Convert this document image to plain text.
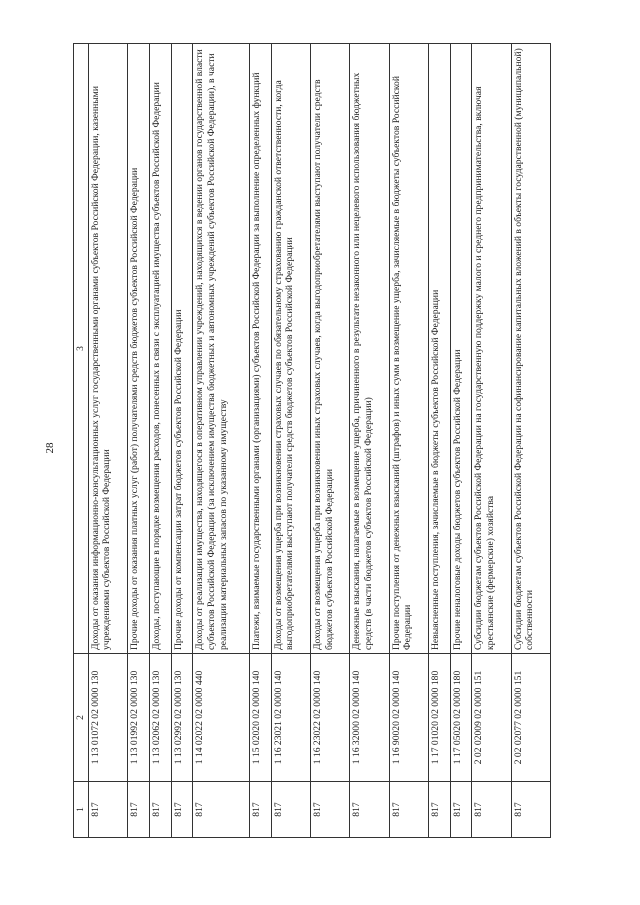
28
1	2	3
817	1 13 01072 02 0000 130	Доходы от оказания информационно-консультационных услуг государственными органами субъектов Российской Федерации, казенными учреждениями субъектов Российской Федерации
817	1 13 01992 02 0000 130	Прочие доходы от оказания платных услуг (работ) получателями средств бюджетов субъектов Российской Федерации
817	1 13 02062 02 0000 130	Доходы, поступающие в порядке возмещения расходов, понесенных в связи с эксплуатацией имущества субъектов Российской Федерации
817	1 13 02992 02 0000 130	Прочие доходы от компенсации затрат бюджетов субъектов Российской Федерации
817	1 14 02022 02 0000 440	Доходы от реализации имущества, находящегося в оперативном управлении учреждений, находящихся в ведении органов государственной власти субъектов Российской Федерации (за исключением имущества бюджетных и автономных учреждений субъектов Российской Федерации), в части реализации материальных запасов по указанному имуществу
817	1 15 02020 02 0000 140	Платежи, взимаемые государственными органами (организациями) субъектов Российской Федерации за выполнение определенных функций
817	1 16 23021 02 0000 140	Доходы от возмещения ущерба при возникновении страховых случаев по обязательному страхованию гражданской ответственности, когда выгодоприобретателями выступают получатели средств бюджетов субъектов Российской Федерации
817	1 16 23022 02 0000 140	Доходы от возмещения ущерба при возникновении иных страховых случаев, когда выгодоприобретателями выступают получатели средств бюджетов субъектов Российской Федерации
817	1 16 32000 02 0000 140	Денежные взыскания, налагаемые в возмещение ущерба, причиненного в результате незаконного или нецелевого использования бюджетных средств (в части бюджетов субъектов Российской Федерации)
817	1 16 90020 02 0000 140	Прочие поступления от денежных взысканий (штрафов) и иных сумм в возмещение ущерба, зачисляемые в бюджеты субъектов Российской Федерации
817	1 17 01020 02 0000 180	Невыясненные поступления, зачисляемые в бюджеты субъектов Российской Федерации
817	1 17 05020 02 0000 180	Прочие неналоговые доходы бюджетов субъектов Российской Федерации
817	2 02 02009 02 0000 151	Субсидии бюджетам субъектов Российской Федерации на государственную поддержку малого и среднего предпринимательства, включая крестьянские (фермерские) хозяйства
817	2 02 02077 02 0000 151	Субсидии бюджетам субъектов Российской Федерации на софинансирование капитальных вложений в объекты государственной (муниципальной) собственности
